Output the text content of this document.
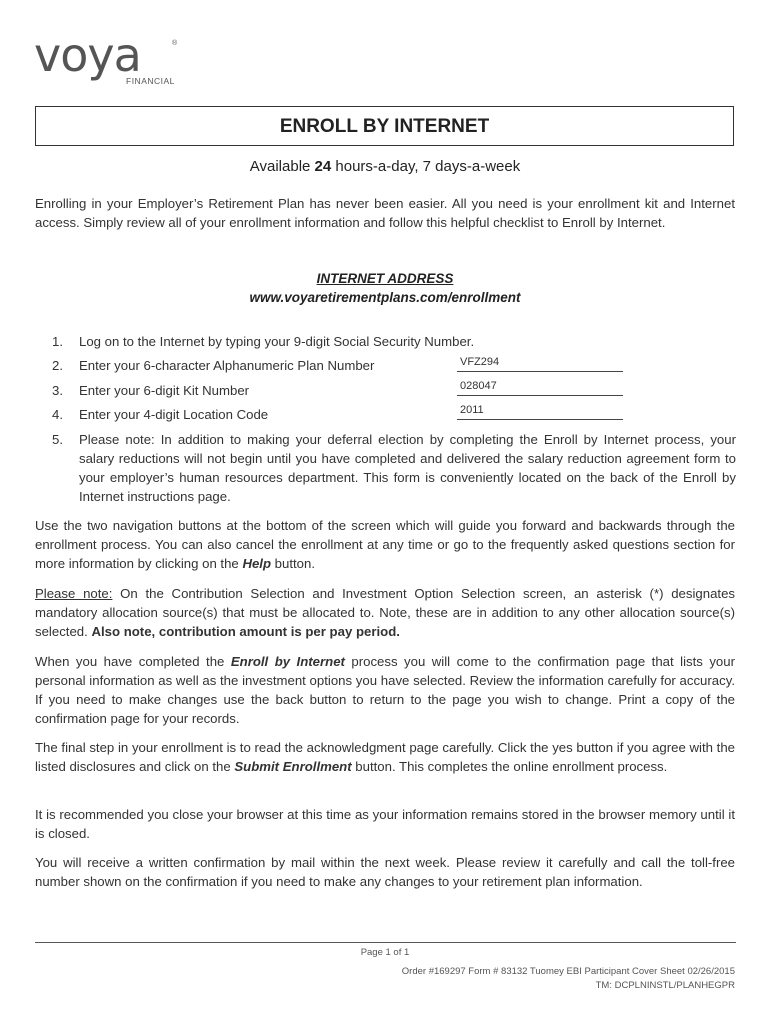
voya	®
FINANCIAL
ENROLL BY INTERNET
Available 24 hours-a-day, 7 days-a-week
Enrolling in your Employer’s Retirement Plan has never been easier. All you need is your enrollment kit and Internet access. Simply review all of your enrollment information and follow this helpful checklist to Enroll by Internet.
INTERNET ADDRESS
www.voyaretirementplans.com/enrollment
1.	Log on to the Internet by typing your 9-digit Social Security Number.
2.	Enter your 6-character Alphanumeric Plan Number	VFZ294
3.	Enter your 6-digit Kit Number	028047
4.	Enter your 4-digit Location Code	2011
5.	Please note: In addition to making your deferral election by completing the Enroll by Internet process, your salary reductions will not begin until you have completed and delivered the salary reduction agreement form to your employer’s human resources department. This form is conveniently located on the back of the Enroll by Internet instructions page.
Use the two navigation buttons at the bottom of the screen which will guide you forward and backwards through the enrollment process. You can also cancel the enrollment at any time or go to the frequently asked questions section for more information by clicking on the Help button.
Please note: On the Contribution Selection and Investment Option Selection screen, an asterisk (*) designates mandatory allocation source(s) that must be allocated to. Note, these are in addition to any other allocation source(s) selected. Also note, contribution amount is per pay period.
When you have completed the Enroll by Internet process you will come to the confirmation page that lists your personal information as well as the investment options you have selected. Review the information carefully for accuracy. If you need to make changes use the back button to return to the page you wish to change. Print a copy of the confirmation page for your records.
The final step in your enrollment is to read the acknowledgment page carefully. Click the yes button if you agree with the listed disclosures and click on the Submit Enrollment button. This completes the online enrollment process.
It is recommended you close your browser at this time as your information remains stored in the browser memory until it is closed.
You will receive a written confirmation by mail within the next week. Please review it carefully and call the toll-free number shown on the confirmation if you need to make any changes to your retirement plan information.
Page 1 of 1
Order #169297 Form # 83132 Tuomey EBI Participant Cover Sheet 02/26/2015
TM: DCPLNINSTL/PLANHEGPR
